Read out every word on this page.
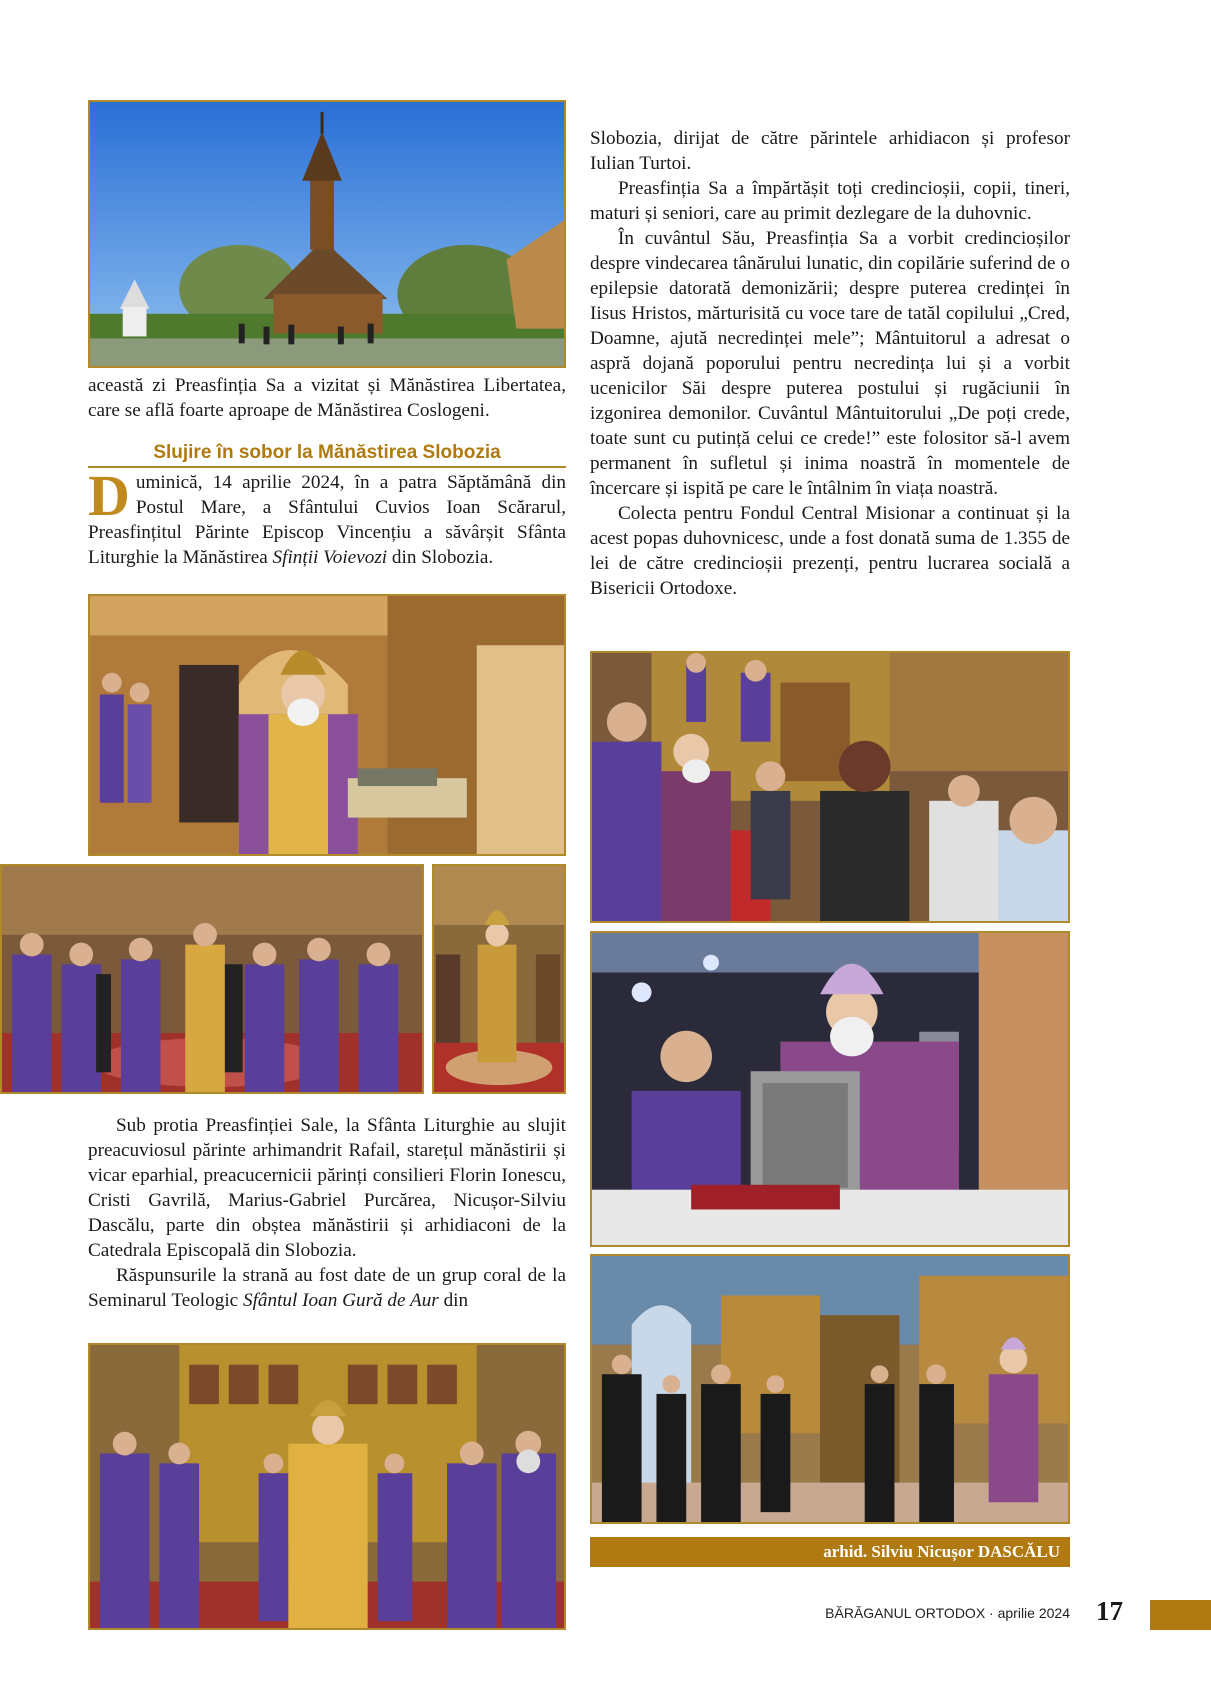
această zi Preasfinția Sa a vizitat și Mănăstirea Libertatea, care se află foarte aproape de Mănăstirea Coslogeni.

Slujire în sobor la Mănăstirea Slobozia

Duminică, 14 aprilie 2024, în a patra Săptămână din Postul Mare, a Sfântului Cuvios Ioan Scărarul, Preasfințitul Părinte Episcop Vincențiu a săvârșit Sfânta Liturghie la Mănăstirea Sfinții Voievozi din Slobozia.

Sub protia Preasfinției Sale, la Sfânta Liturghie au slujit preacuviosul părinte arhimandrit Rafail, starețul mănăstirii și vicar eparhial, preacucernicii părinți consilieri Florin Ionescu, Cristi Gavrilă, Marius-Gabriel Purcărea, Nicușor-Silviu Dascălu, parte din obștea mănăstirii și arhidiaconi de la Catedrala Episcopală din Slobozia.

Răspunsurile la strană au fost date de un grup coral de la Seminarul Teologic Sfântul Ioan Gură de Aur din

Slobozia, dirijat de către părintele arhidiacon și profesor Iulian Turtoi.

Preasfinția Sa a împărtășit toți credincioșii, copii, tineri, maturi și seniori, care au primit dezlegare de la duhovnic.

În cuvântul Său, Preasfinția Sa a vorbit credincioșilor despre vindecarea tânărului lunatic, din copilărie suferind de o epilepsie datorată demonizării; despre puterea credinței în Iisus Hristos, mărturisită cu voce tare de tatăl copilului „Cred, Doamne, ajută necredinței mele”; Mântuitorul a adresat o aspră dojană poporului pentru necredința lui și a vorbit ucenicilor Săi despre puterea postului și rugăciunii în izgonirea demonilor. Cuvântul Mântuitorului „De poți crede, toate sunt cu putință celui ce crede!” este folositor să-l avem permanent în sufletul și inima noastră în momentele de încercare și ispită pe care le întâlnim în viața noastră.

Colecta pentru Fondul Central Misionar a continuat și la acest popas duhovnicesc, unde a fost donată suma de 1.355 de lei de către credincioșii prezenți, pentru lucrarea socială a Bisericii Ortodoxe.

arhid. Silviu Nicușor DASCĂLU
BĂRĂGANUL ORTODOX · aprilie 2024 17
